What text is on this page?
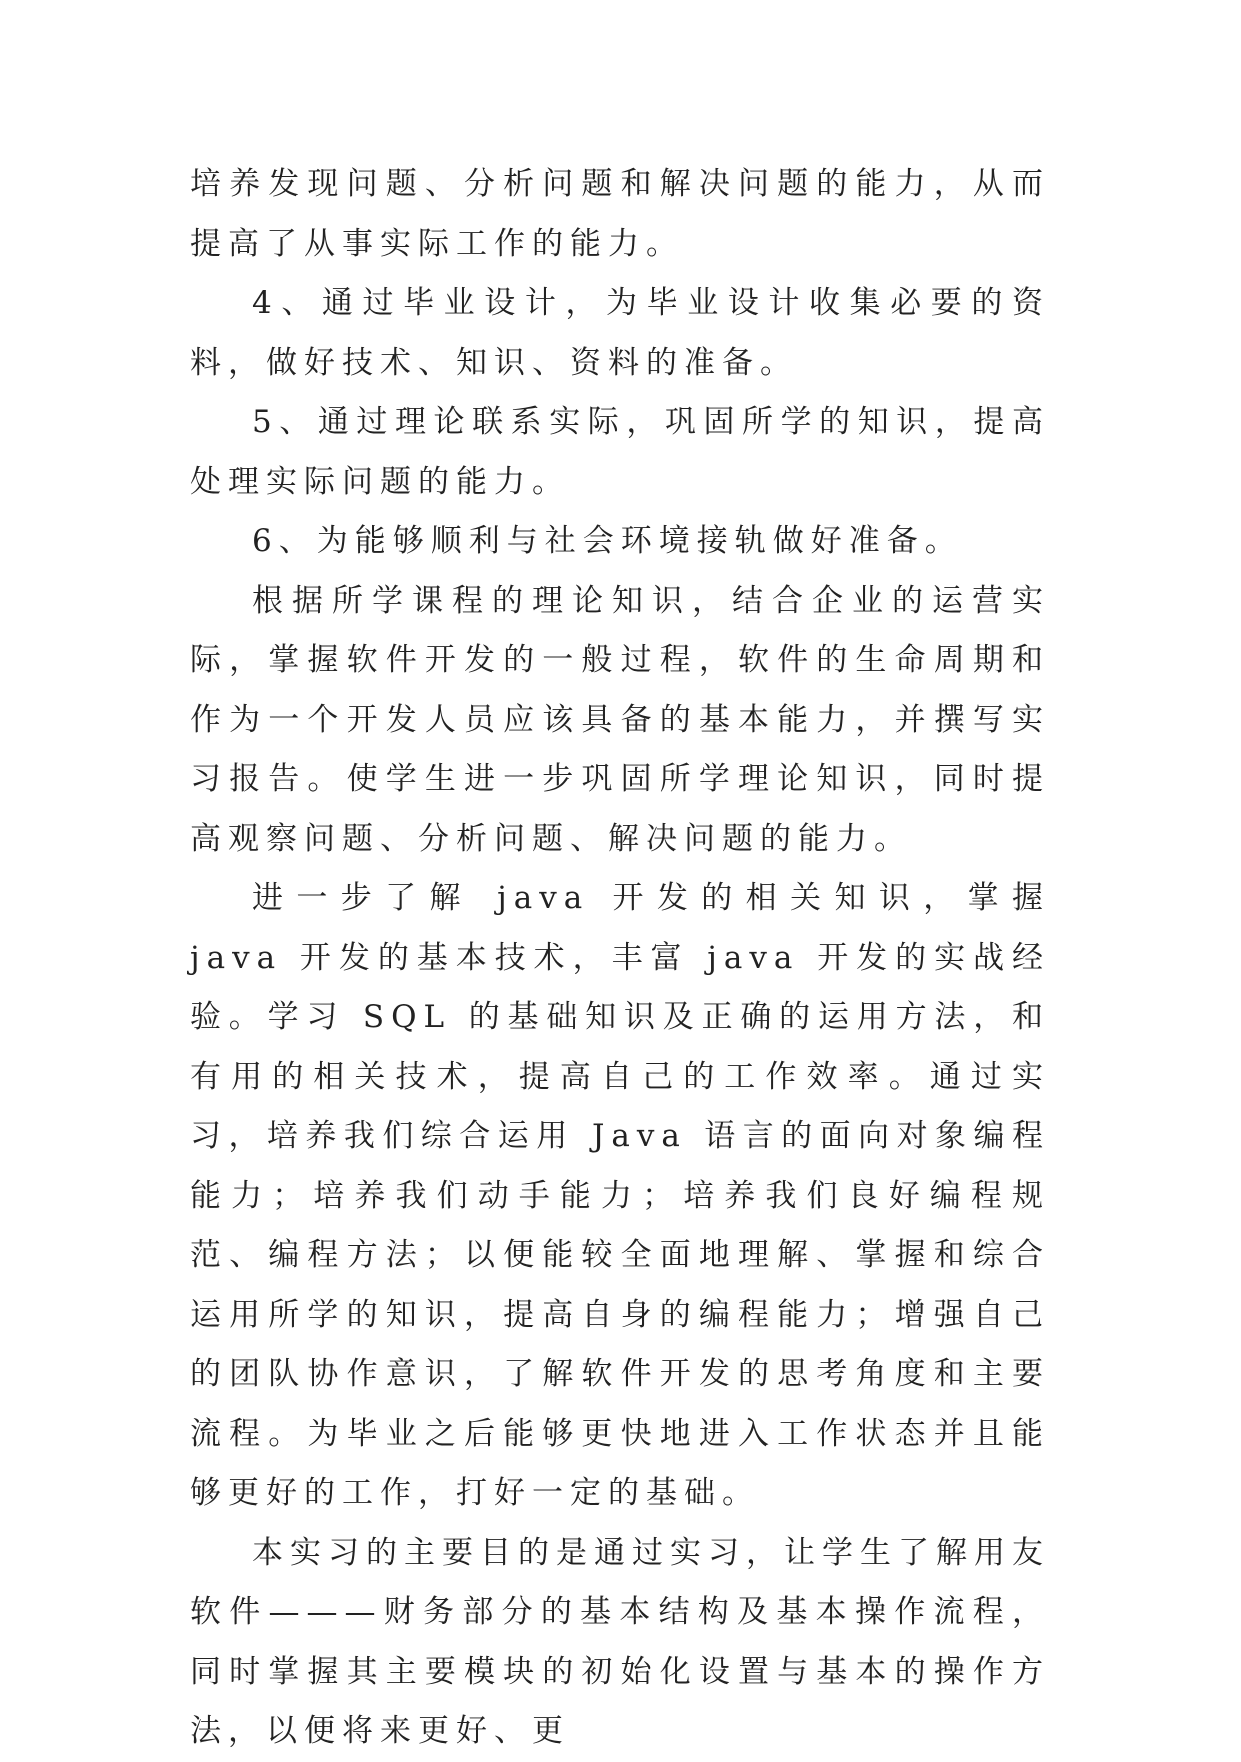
培养发现问题、分析问题和解决问题的能力，从而提高了从事实际工作的能力。

4、通过毕业设计，为毕业设计收集必要的资料，做好技术、知识、资料的准备。

5、通过理论联系实际，巩固所学的知识，提高处理实际问题的能力。

6、为能够顺利与社会环境接轨做好准备。

根据所学课程的理论知识，结合企业的运营实际，掌握软件开发的一般过程，软件的生命周期和作为一个开发人员应该具备的基本能力，并撰写实习报告。使学生进一步巩固所学理论知识，同时提高观察问题、分析问题、解决问题的能力。

进一步了解 java 开发的相关知识，掌握 java 开发的基本技术，丰富 java 开发的实战经验。学习 SQL 的基础知识及正确的运用方法，和有用的相关技术，提高自己的工作效率。通过实习，培养我们综合运用 Java 语言的面向对象编程能力；培养我们动手能力；培养我们良好编程规范、编程方法；以便能较全面地理解、掌握和综合运用所学的知识，提高自身的编程能力；增强自己的团队协作意识，了解软件开发的思考角度和主要流程。为毕业之后能够更快地进入工作状态并且能够更好的工作，打好一定的基础。

本实习的主要目的是通过实习，让学生了解用友软件———财务部分的基本结构及基本操作流程，同时掌握其主要模块的初始化设置与基本的操作方法，以便将来更好、更
